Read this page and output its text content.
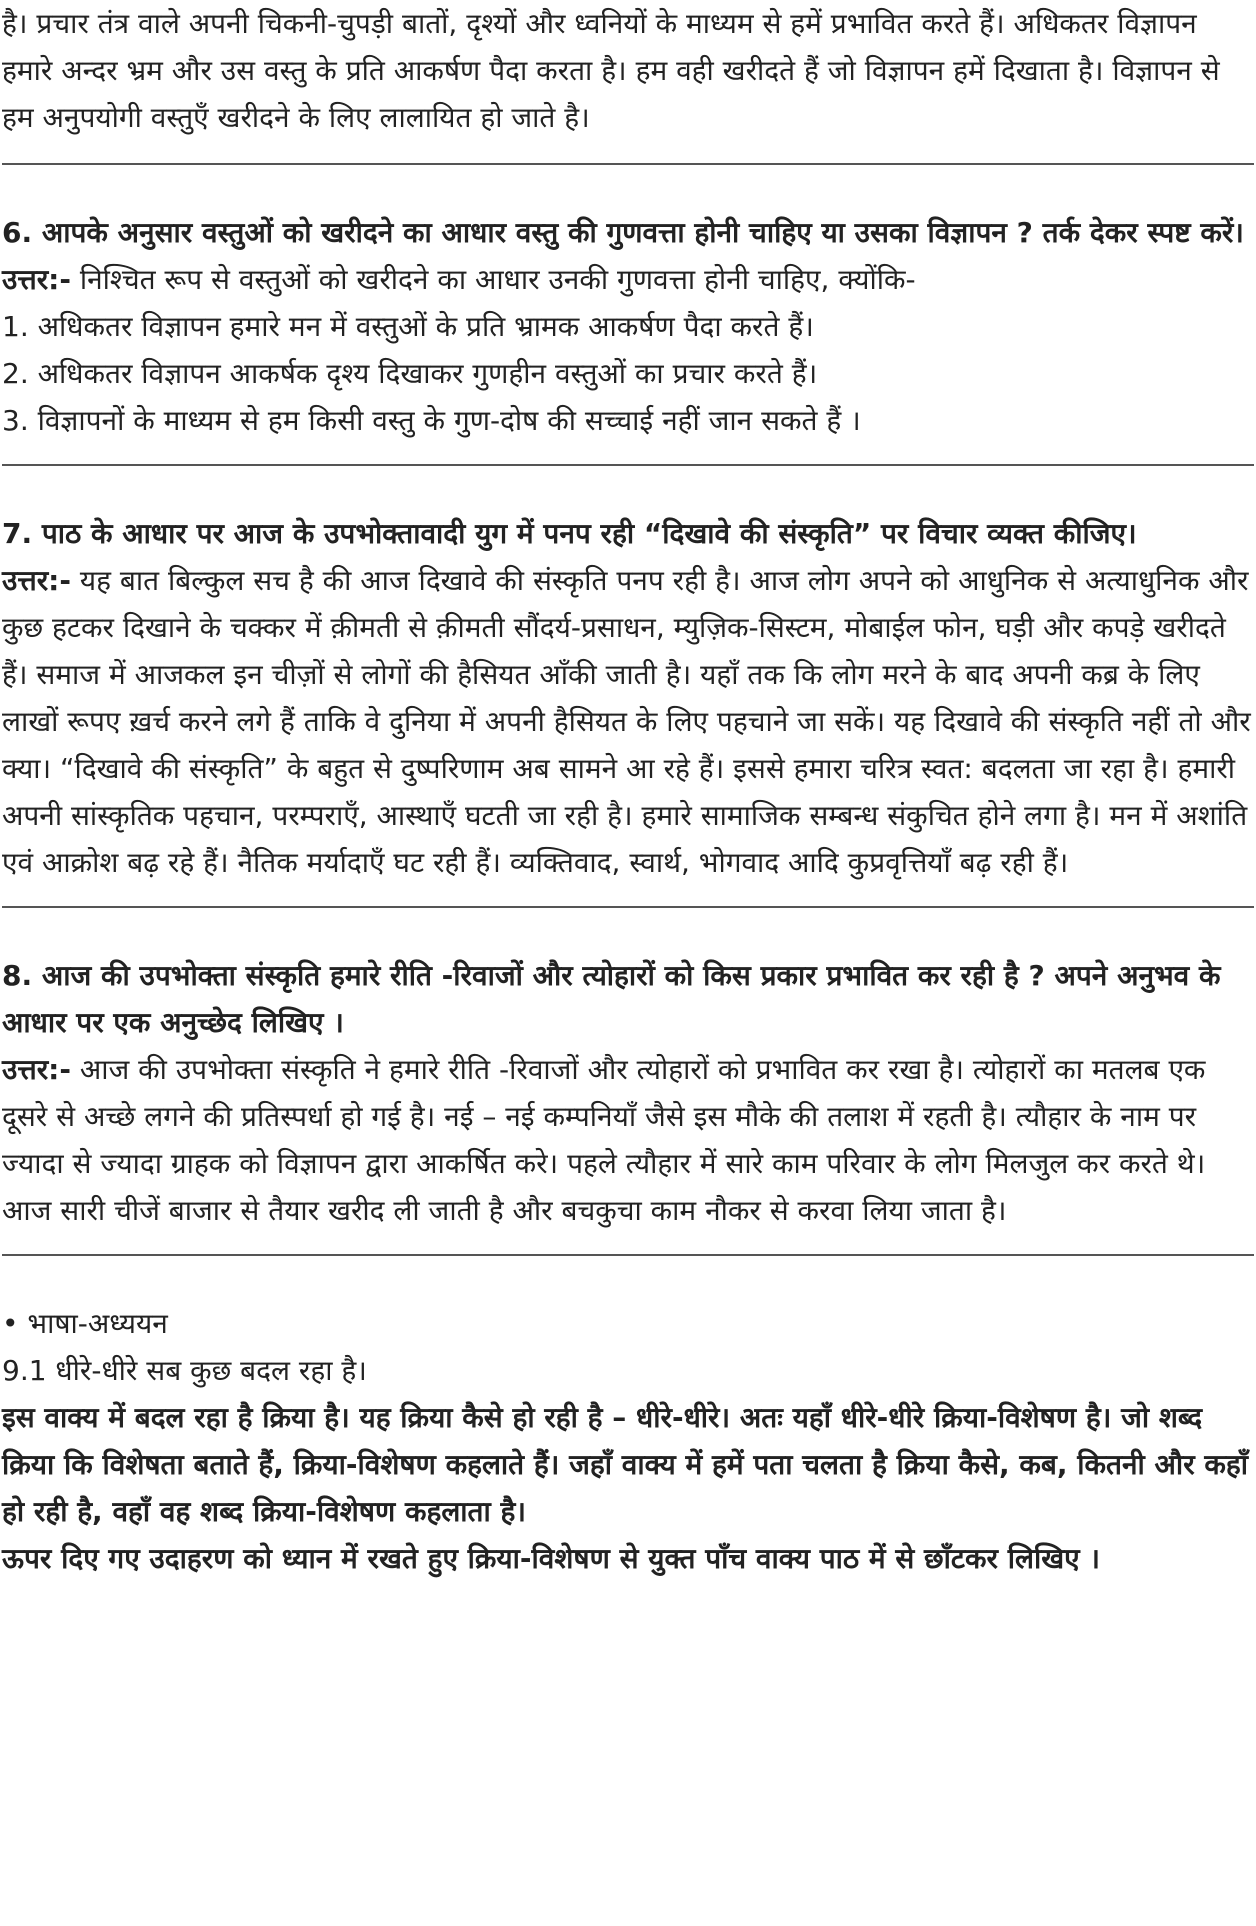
है। प्रचार तंत्र वाले अपनी चिकनी-चुपड़ी बातों, दृश्यों और ध्वनियों के माध्यम से हमें प्रभावित करते हैं। अधिकतर विज्ञापन हमारे अन्दर भ्रम और उस वस्तु के प्रति आकर्षण पैदा करता है। हम वही खरीदते हैं जो विज्ञापन हमें दिखाता है। विज्ञापन से हम अनुपयोगी वस्तुएँ खरीदने के लिए लालायित हो जाते है।

6. आपके अनुसार वस्तुओं को खरीदने का आधार वस्तु की गुणवत्ता होनी चाहिए या उसका विज्ञापन ? तर्क देकर स्पष्ट करें।

उत्तर:- निश्चित रूप से वस्तुओं को खरीदने का आधार उनकी गुणवत्ता होनी चाहिए, क्योंकि-

1. अधिकतर विज्ञापन हमारे मन में वस्तुओं के प्रति भ्रामक आकर्षण पैदा करते हैं।
2. अधिकतर विज्ञापन आकर्षक दृश्य दिखाकर गुणहीन वस्तुओं का प्रचार करते हैं।
3. विज्ञापनों के माध्यम से हम किसी वस्तु के गुण-दोष की सच्चाई नहीं जान सकते हैं ।

7. पाठ के आधार पर आज के उपभोक्तावादी युग में पनप रही “दिखावे की संस्कृति” पर विचार व्यक्त कीजिए।

उत्तर:- यह बात बिल्कुल सच है की आज दिखावे की संस्कृति पनप रही है। आज लोग अपने को आधुनिक से अत्याधुनिक और कुछ हटकर दिखाने के चक्कर में क़ीमती से क़ीमती सौंदर्य-प्रसाधन, म्युज़िक-सिस्टम, मोबाईल फोन, घड़ी और कपड़े खरीदते हैं। समाज में आजकल इन चीज़ों से लोगों की हैसियत आँकी जाती है। यहाँ तक कि लोग मरने के बाद अपनी कब्र के लिए लाखों रूपए ख़र्च करने लगे हैं ताकि वे दुनिया में अपनी हैसियत के लिए पहचाने जा सकें। यह दिखावे की संस्कृति नहीं तो और क्या। “दिखावे की संस्कृति” के बहुत से दुष्परिणाम अब सामने आ रहे हैं। इससे हमारा चरित्र स्वत: बदलता जा रहा है। हमारी अपनी सांस्कृतिक पहचान, परम्पराएँ, आस्थाएँ घटती जा रही है। हमारे सामाजिक सम्बन्ध संकुचित होने लगा है। मन में अशांति एवं आक्रोश बढ़ रहे हैं। नैतिक मर्यादाएँ घट रही हैं। व्यक्तिवाद, स्वार्थ, भोगवाद आदि कुप्रवृत्तियाँ बढ़ रही हैं।

8. आज की उपभोक्ता संस्कृति हमारे रीति -रिवाजों और त्योहारों को किस प्रकार प्रभावित कर रही है ? अपने अनुभव के आधार पर एक अनुच्छेद लिखिए ।

उत्तर:- आज की उपभोक्ता संस्कृति ने हमारे रीति -रिवाजों और त्योहारों को प्रभावित कर रखा है। त्योहारों का मतलब एक दूसरे से अच्छे लगने की प्रतिस्पर्धा हो गई है। नई – नई कम्पनियाँ जैसे इस मौके की तलाश में रहती है। त्यौहार के नाम पर ज्यादा से ज्यादा ग्राहक को विज्ञापन द्वारा आकर्षित करे। पहले त्यौहार में सारे काम परिवार के लोग मिलजुल कर करते थे। आज सारी चीजें बाजार से तैयार खरीद ली जाती है और बचकुचा काम नौकर से करवा लिया जाता है।

• भाषा-अध्ययन

9.1 धीरे-धीरे सब कुछ बदल रहा है।

इस वाक्य में बदल रहा है क्रिया है। यह क्रिया कैसे हो रही है – धीरे-धीरे। अतः यहाँ धीरे-धीरे क्रिया-विशेषण है। जो शब्द क्रिया कि विशेषता बताते हैं, क्रिया-विशेषण कहलाते हैं। जहाँ वाक्य में हमें पता चलता है क्रिया कैसे, कब, कितनी और कहाँ हो रही है, वहाँ वह शब्द क्रिया-विशेषण कहलाता है।

ऊपर दिए गए उदाहरण को ध्यान में रखते हुए क्रिया-विशेषण से युक्त पाँच वाक्य पाठ में से छाँटकर लिखिए ।
